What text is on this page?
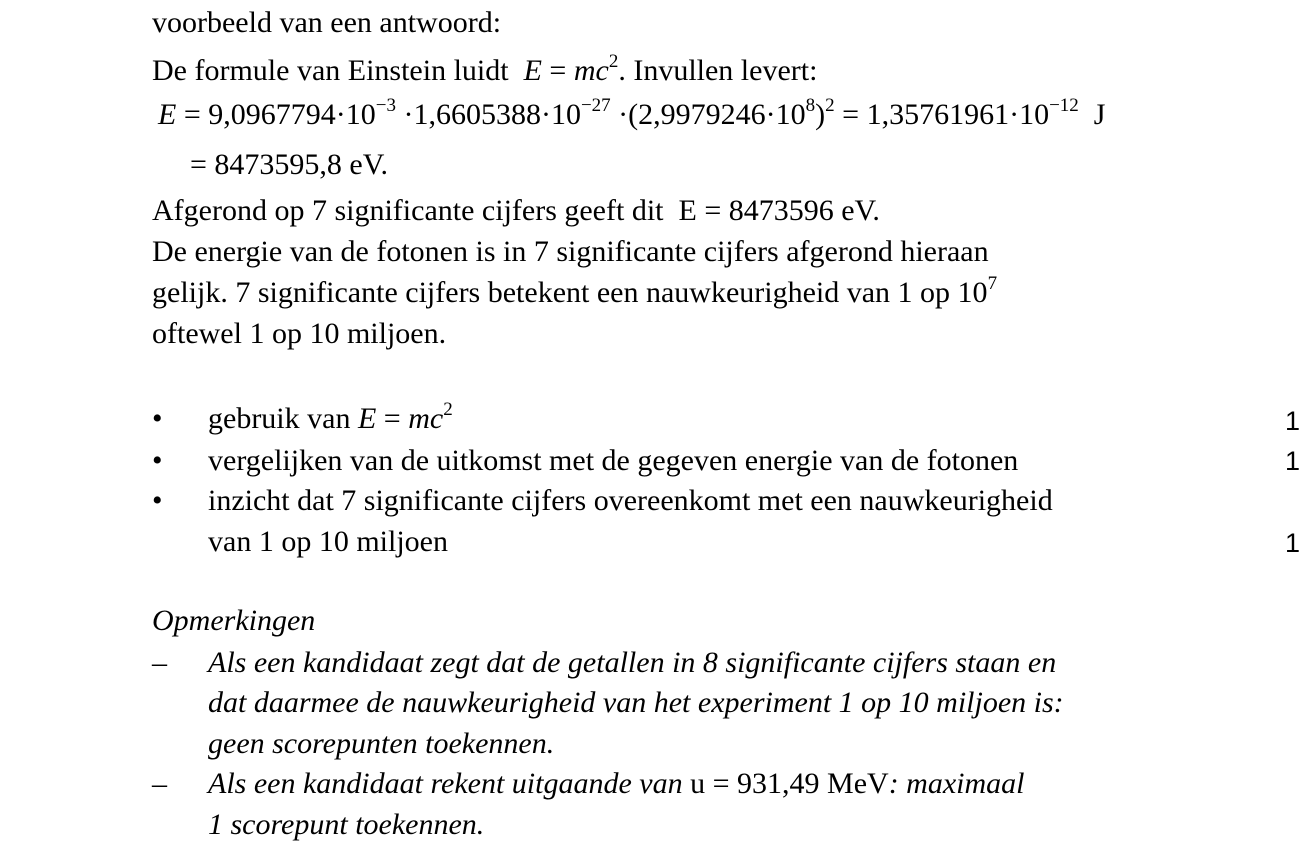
voorbeeld van een antwoord:
De formule van Einstein luidt  $E = mc^2$. Invullen levert:
$E = 9,0967794\cdot 10^{-3} \cdot 1,6605388\cdot 10^{-27} \cdot(2,9979246\cdot 10^8)^2 = 1,35761961\cdot 10^{-12}$ J
= 8473595,8 eV.
Afgerond op 7 significante cijfers geeft dit E = 8473596 eV.
De energie van de fotonen is in 7 significante cijfers afgerond hieraan
gelijk. 7 significante cijfers betekent een nauwkeurigheid van 1 op $10^7$
oftewel 1 op 10 miljoen.
• gebruik van $E = mc^2$	1
• vergelijken van de uitkomst met de gegeven energie van de fotonen	1
• inzicht dat 7 significante cijfers overeenkomt met een nauwkeurigheid
van 1 op 10 miljoen	1
Opmerkingen
– Als een kandidaat zegt dat de getallen in 8 significante cijfers staan en
dat daarmee de nauwkeurigheid van het experiment 1 op 10 miljoen is:
geen scorepunten toekennen.
– Als een kandidaat rekent uitgaande van u = 931,49 MeV: maximaal
1 scorepunt toekennen.
